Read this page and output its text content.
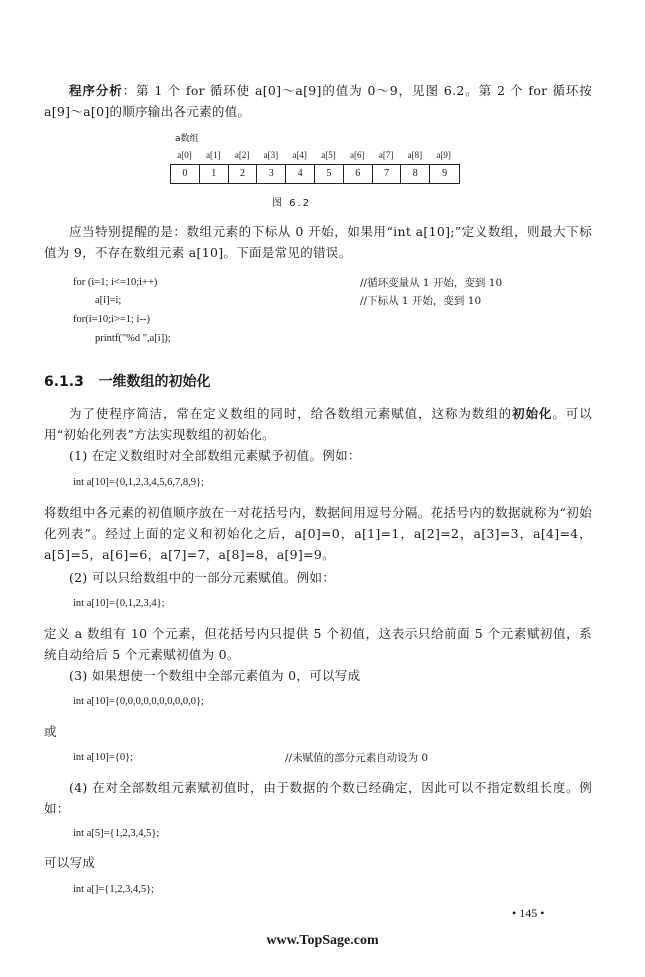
程序分析：第 1 个 for 循环使 a[0]～a[9]的值为 0～9，见图 6.2。第 2 个 for 循环按 a[9]～a[0]的顺序输出各元素的值。

a数组
a[0]	a[1]	a[2]	a[3]	a[4]	a[5]	a[6]	a[7]	a[8]	a[9]
0	1	2	3	4	5	6	7	8	9
图 6.2

应当特别提醒的是：数组元素的下标从 0 开始，如果用“int a[10];”定义数组，则最大下标值为 9，不存在数组元素 a[10]。下面是常见的错误。

for (i=1; i<=10;i++)	//循环变量从 1 开始，变到 10
a[i]=i;	//下标从 1 开始，变到 10
for(i=10;i>=1; i--)
printf("%d ",a[i]);
6.1.3 一维数组的初始化

为了使程序简洁，常在定义数组的同时，给各数组元素赋值，这称为数组的初始化。可以用“初始化列表”方法实现数组的初始化。

(1) 在定义数组时对全部数组元素赋予初值。例如：

int a[10]={0,1,2,3,4,5,6,7,8,9};

将数组中各元素的初值顺序放在一对花括号内，数据间用逗号分隔。花括号内的数据就称为“初始化列表”。经过上面的定义和初始化之后，a[0]=0，a[1]=1，a[2]=2，a[3]=3，a[4]=4，a[5]=5，a[6]=6，a[7]=7，a[8]=8，a[9]=9。

(2) 可以只给数组中的一部分元素赋值。例如：

int a[10]={0,1,2,3,4};

定义 a 数组有 10 个元素，但花括号内只提供 5 个初值，这表示只给前面 5 个元素赋初值，系统自动给后 5 个元素赋初值为 0。

(3) 如果想使一个数组中全部元素值为 0，可以写成

int a[10]={0,0,0,0,0,0,0,0,0,0};

或

int a[10]={0};	//未赋值的部分元素自动设为 0

(4) 在对全部数组元素赋初值时，由于数据的个数已经确定，因此可以不指定数组长度。例如：

int a[5]={1,2,3,4,5};

可以写成

int a[]={1,2,3,4,5};
• 145 •
www.TopSage.com
